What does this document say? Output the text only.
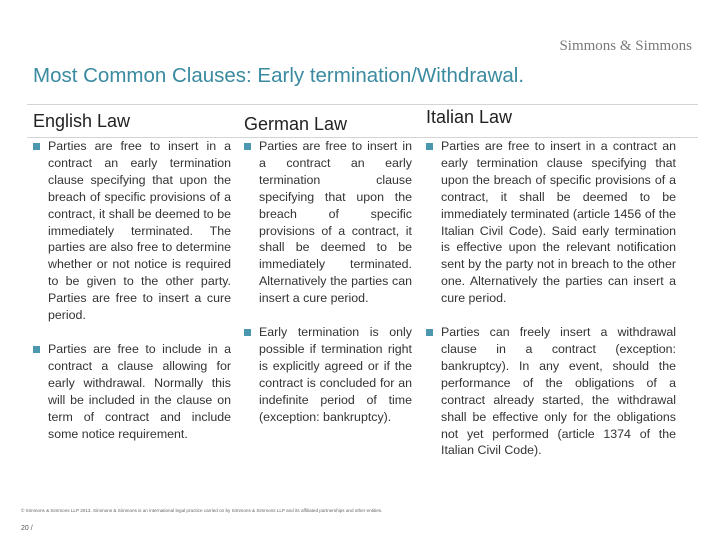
Simmons & Simmons
Most Common Clauses: Early termination/Withdrawal.
English Law
Parties are free to insert in a contract an early termination clause specifying that upon the breach of specific provisions of a contract, it shall be deemed to be immediately terminated. The parties are also free to determine whether or not notice is required to be given to the other party. Parties are free to insert a cure period.
Parties are free to include in a contract a clause allowing for early withdrawal. Normally this will be included in the clause on term of contract and include some notice requirement.
German Law
Parties are free to insert in a contract an early termination clause specifying that upon the breach of specific provisions of a contract, it shall be deemed to be immediately terminated. Alternatively the parties can insert a cure period.
Early termination is only possible if termination right is explicitly agreed or if the contract is concluded for an indefinite period of time (exception: bankruptcy).
Italian Law
Parties are free to insert in a contract an early termination clause specifying that upon the breach of specific provisions of a contract, it shall be deemed to be immediately terminated (article 1456 of the Italian Civil Code). Said early termination is effective upon the relevant notification sent by the party not in breach to the other one. Alternatively the parties can insert a cure period.
Parties can freely insert a withdrawal clause in a contract (exception: bankruptcy). In any event, should the performance of the obligations of a contract already started, the withdrawal shall be effective only for the obligations not yet performed (article 1374 of the Italian Civil Code).
© Simmons & Simmons LLP 2013. Simmons & Simmons is an international legal practice carried on by Simmons & Simmons LLP and its affiliated partnerships and other entities.
20 /
